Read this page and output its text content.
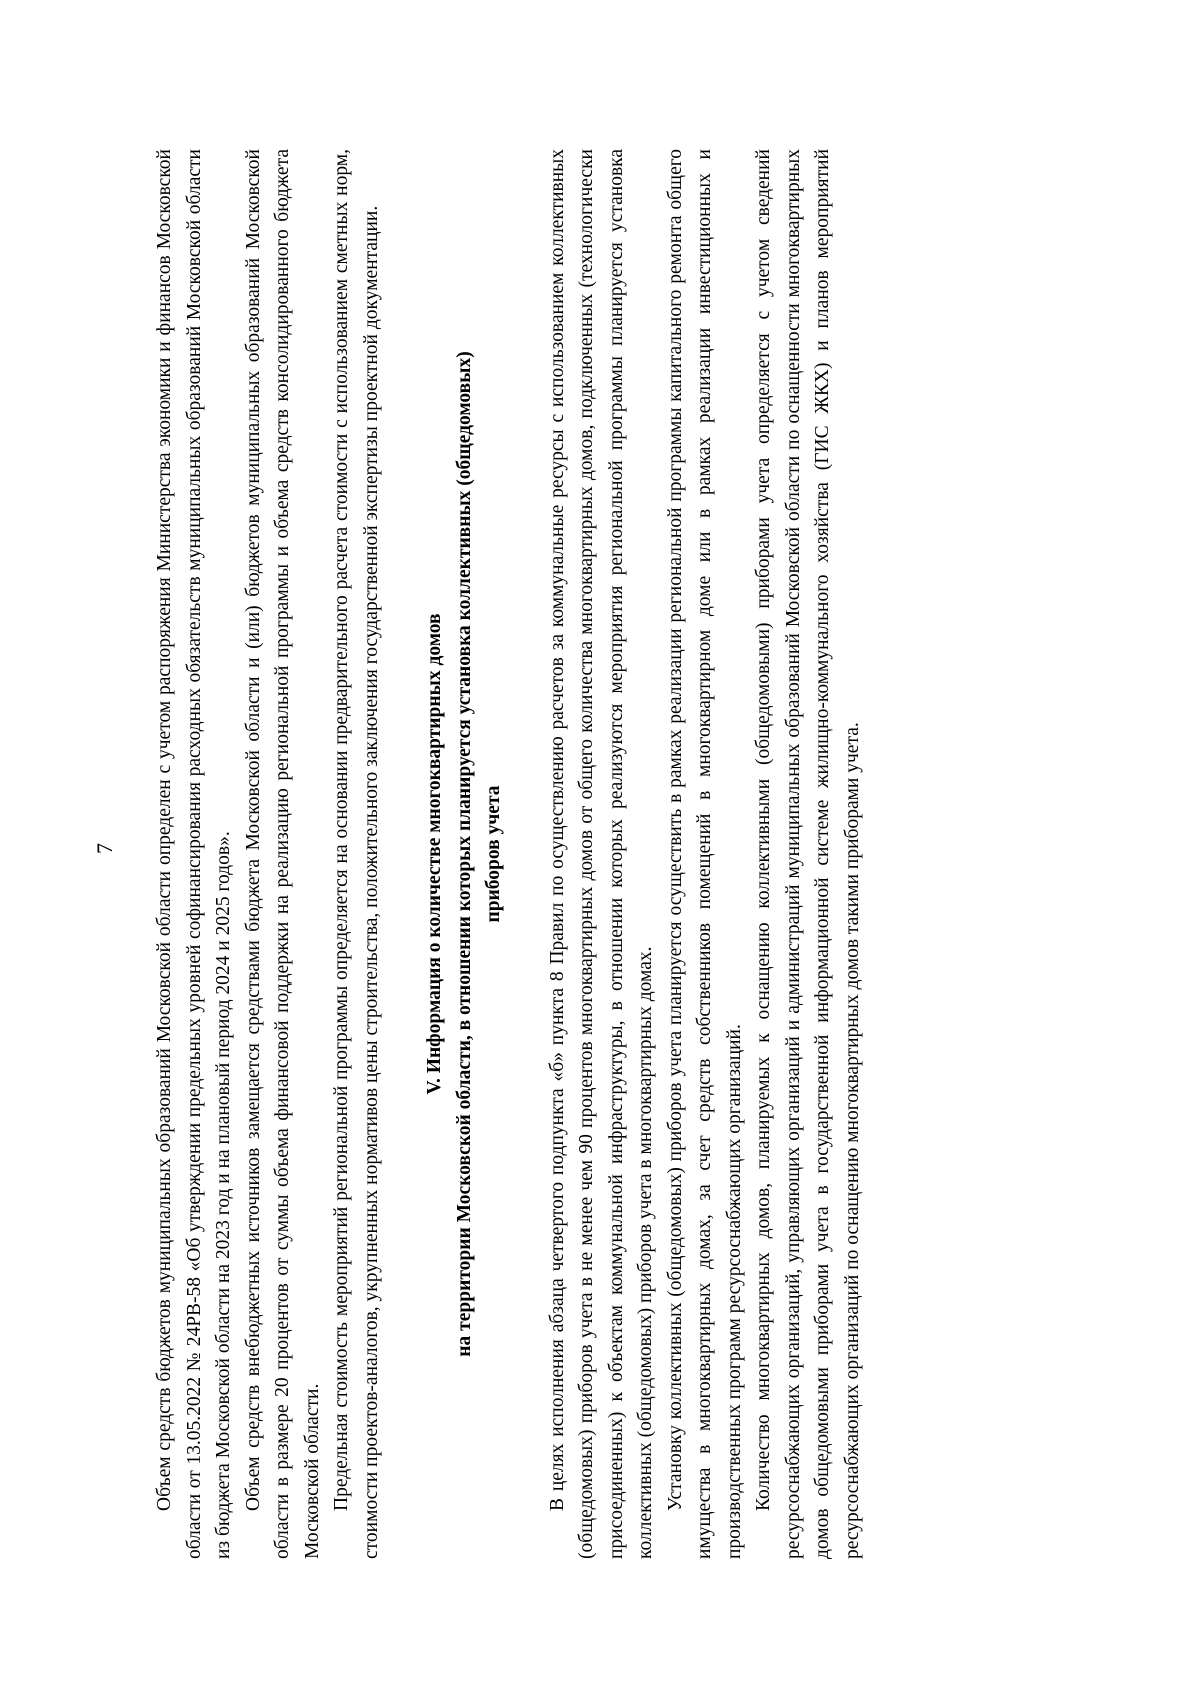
7 Объем средств бюджетов муниципальных образований Московской области определен с учетом распоряжения Министерства экономики и финансов Московской области от 13.05.2022 № 24РВ-58 «Об утверждении предельных уровней софинансирования расходных обязательств муниципальных образований Московской области из бюджета Московской области на 2023 год и на плановый период 2024 и 2025 годов». Объем средств внебюджетных источников замещается средствами бюджета Московской области и (или) бюджетов муниципальных образований Московской области в размере 20 процентов от суммы объема финансовой поддержки на реализацию региональной программы и объема средств консолидированного бюджета Московской области. Предельная стоимость мероприятий региональной программы определяется на основании предварительного расчета стоимости с использованием сметных норм, стоимости проектов-аналогов, укрупненных нормативов цены строительства, положительного заключения государственной экспертизы проектной документации. V. Информация о количестве многоквартирных домов на территории Московской области, в отношении которых планируется установка коллективных (общедомовых) приборов учета В целях исполнения абзаца четвертого подпункта «б» пункта 8 Правил по осуществлению расчетов за коммунальные ресурсы с использованием коллективных (общедомовых) приборов учета в не менее чем 90 процентов многоквартирных домов от общего количества многоквартирных домов, подключенных (технологически присоединенных) к объектам коммунальной инфраструктуры, в отношении которых реализуются мероприятия региональной программы планируется установка коллективных (общедомовых) приборов учета в многоквартирных домах. Установку коллективных (общедомовых) приборов учета планируется осуществить в рамках реализации региональной программы капитального ремонта общего имущества в многоквартирных домах, за счет средств собственников помещений в многоквартирном доме или в рамках реализации инвестиционных и производственных программ ресурсоснабжающих организаций. Количество многоквартирных домов, планируемых к оснащению коллективными (общедомовыми) приборами учета определяется с учетом сведений ресурсоснабжающих организаций, управляющих организаций и администраций муниципальных образований Московской области по оснащенности многоквартирных домов общедомовыми приборами учета в государственной информационной системе жилищно-коммунального хозяйства (ГИС ЖКХ) и планов мероприятий ресурсоснабжающих организаций по оснащению многоквартирных домов такими приборами учета.
